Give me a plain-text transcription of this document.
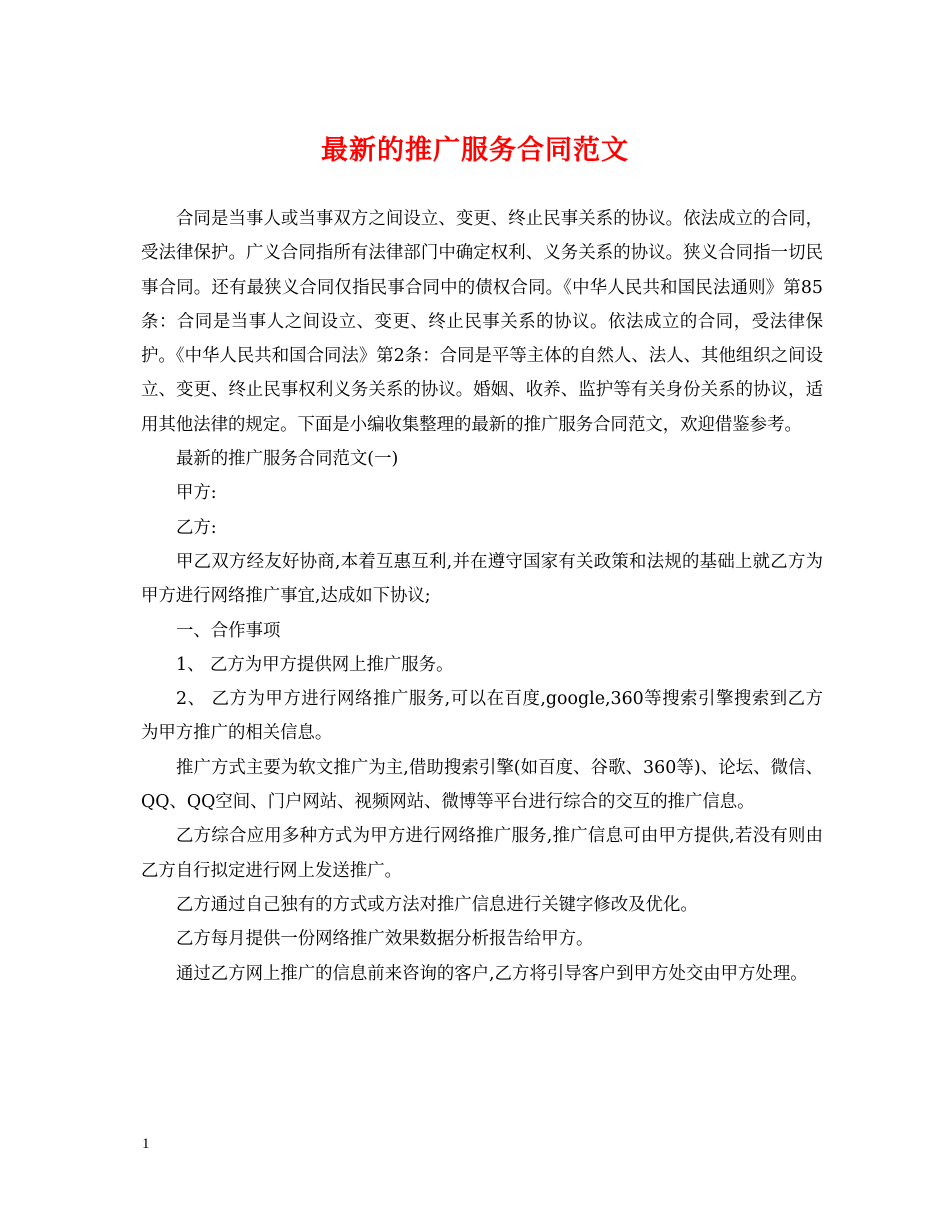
最新的推广服务合同范文

合同是当事人或当事双方之间设立、变更、终止民事关系的协议。依法成立的合同，受法律保护。广义合同指所有法律部门中确定权利、义务关系的协议。狭义合同指一切民事合同。还有最狭义合同仅指民事合同中的债权合同。《中华人民共和国民法通则》第85条：合同是当事人之间设立、变更、终止民事关系的协议。依法成立的合同，受法律保护。《中华人民共和国合同法》第2条：合同是平等主体的自然人、法人、其他组织之间设立、变更、终止民事权利义务关系的协议。婚姻、收养、监护等有关身份关系的协议，适用其他法律的规定。下面是小编收集整理的最新的推广服务合同范文，欢迎借鉴参考。

最新的推广服务合同范文(一)

甲方:

乙方:

甲乙双方经友好协商,本着互惠互利,并在遵守国家有关政策和法规的基础上就乙方为甲方进行网络推广事宜,达成如下协议;

一、合作事项

1、 乙方为甲方提供网上推广服务。

2、 乙方为甲方进行网络推广服务,可以在百度,google,360等搜索引擎搜索到乙方为甲方推广的相关信息。

推广方式主要为软文推广为主,借助搜索引擎(如百度、谷歌、360等)、论坛、微信、QQ、QQ空间、门户网站、视频网站、微博等平台进行综合的交互的推广信息。

乙方综合应用多种方式为甲方进行网络推广服务,推广信息可由甲方提供,若没有则由乙方自行拟定进行网上发送推广。

乙方通过自己独有的方式或方法对推广信息进行关键字修改及优化。

乙方每月提供一份网络推广效果数据分析报告给甲方。

通过乙方网上推广的信息前来咨询的客户,乙方将引导客户到甲方处交由甲方处理。

1
